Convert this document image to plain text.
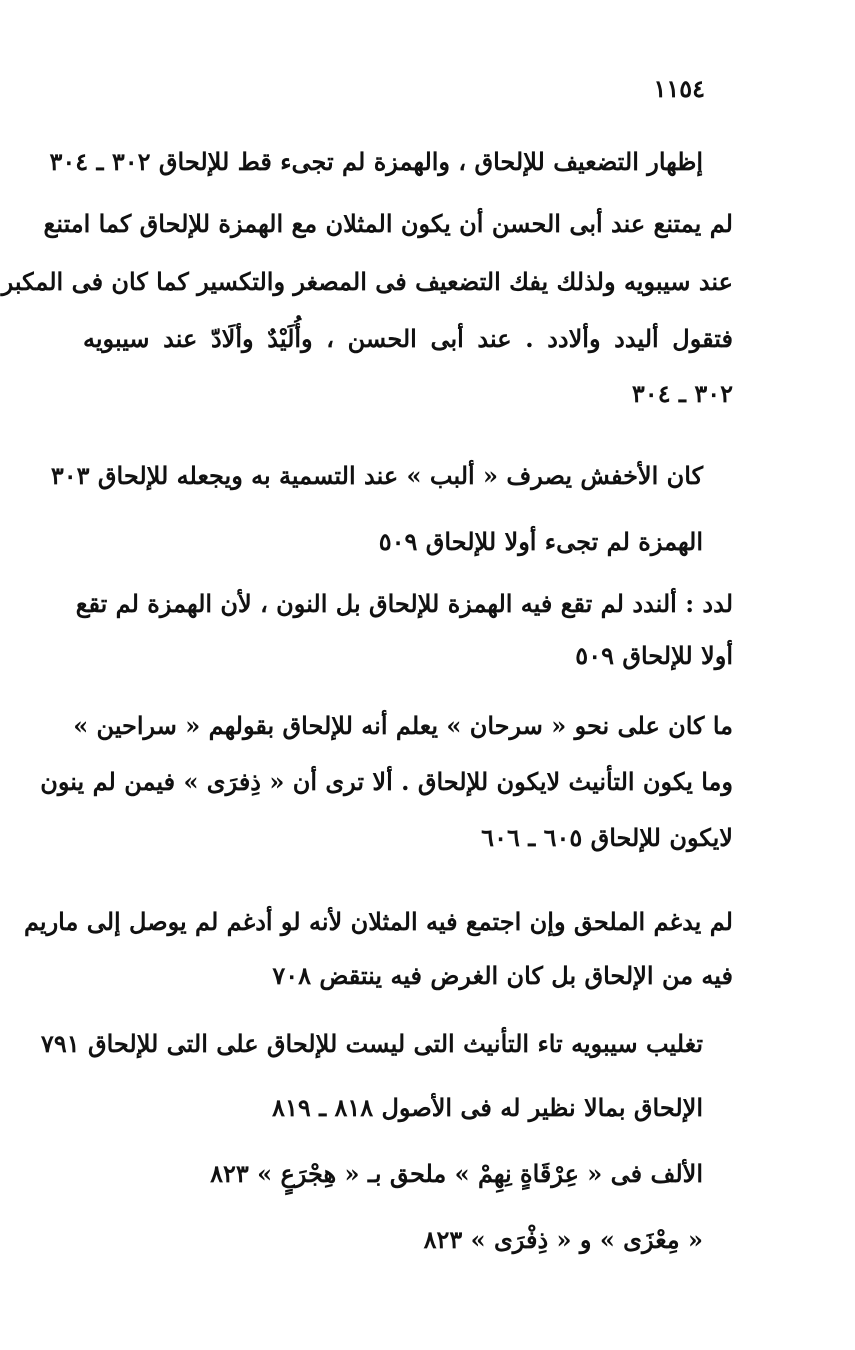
١١٥٤
إظهار التضعيف للإلحاق ، والهمزة لم تجىء قط للإلحاق ٣٠٢ ـ ٣٠٤
لم يمتنع عند أبى الحسن أن يكون المثلان مع الهمزة للإلحاق كما امتنع
عند سيبويه ولذلك يفك التضعيف فى المصغر والتكسير كما كان فى المكبر
فتقول أليدد وألادد . عند أبى الحسن ، وأُلَيْدٌ وألَادّ عند سيبويه
٣٠٢ ـ ٣٠٤
كان الأخفش يصرف « ألبب » عند التسمية به ويجعله للإلحاق ٣٠٣
الهمزة لم تجىء أولا للإلحاق ٥٠٩
لدد : ألندد لم تقع فيه الهمزة للإلحاق بل النون ، لأن الهمزة لم تقع
أولا للإلحاق ٥٠٩
ما كان على نحو « سرحان » يعلم أنه للإلحاق بقولهم « سراحين »
وما يكون التأنيث لايكون للإلحاق . ألا ترى أن « ذِفرَى » فيمن لم ينون
لايكون للإلحاق ٦٠٥ ـ ٦٠٦
لم يدغم الملحق وإن اجتمع فيه المثلان لأنه لو أدغم لم يوصل إلى ماريم
فيه من الإلحاق بل كان الغرض فيه ينتقض ٧٠٨
تغليب سيبويه تاء التأنيث التى ليست للإلحاق على التى للإلحاق ٧٩١
الإلحاق بمالا نظير له فى الأصول ٨١٨ ـ ٨١٩
الألف فى « عِرْقَاةٍ نِهِمْ » ملحق بـ « هِجْرَعٍ » ٨٢٣
« مِعْزَى » و « ذِفْرَى » ٨٢٣
